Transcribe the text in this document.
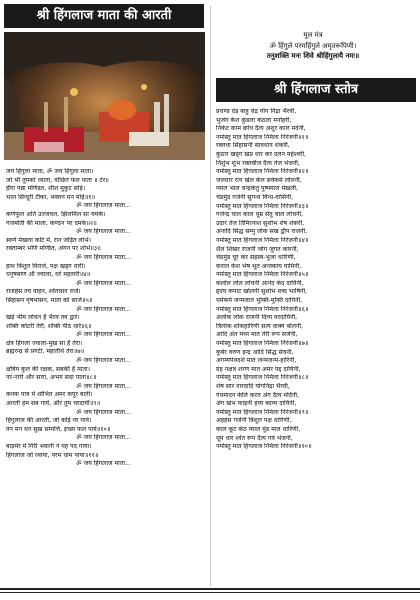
श्री हिंगलाज माता की आरती
मूल मंत्र
ॐ हिंगुले परमहिंगुले अमृतरूपिणी।
तनुशक्ति मनः शिवे श्रीहिंगुलायै नमः॥
श्री हिंगलाज स्तोत्र
जय हिंगुला माता, ॐ जय हिंगुला माता।
जो भी तुमको ध्याता, वांछित फल पाता ॥ टेर॥
हीरा पन्ना मणिडत, शीश मुकुट सोहे।
भाल सिन्दूरी टीका, भक्तन मन मोहे॥१॥
ॐ जय हिंगलाज माता...
कर्णफूल अति उज्जवल, झिलमिल सा चमके।
गजमोती की माला, कण्ठन पर दमके॥२॥
ॐ जय हिंगलाज माता...
स्वर्ण मेखला कटि में, रान जड़ित लोभे।
रक्ताम्बर भणि मण्डित, अंगन पर शोभे॥३॥
ॐ जय हिंगलाज माता...
हाथ त्रिशूल विराजे, पक्ष खड्ग धारी।
धनुषबाण औ ज्वाला, धरे महतारी॥४॥
ॐ जय हिंगलाज माता...
राजहंस तव वाहन, श्वेतासन राजे।
सिंहासन वृषभासन, माता को साजे॥५॥
ॐ जय हिंगलाज माता...
खड़े भीम लोचन हैं भैरव तव द्वारे।
शक्ति कोटरी तेरी, शक्ति पीठ धारे॥६॥
ॐ जय हिंगलाज माता...
क्षेत्र हिंगला ज्वाला-मुख सा है तेरा।
ब्रह्मरन्ध्र से प्रगटी, महातीर्थ तेरा॥७॥
ॐ जय हिंगलाज माता...
क्षत्रिय कुल की रक्षक, सबकी है माता।
नर-नारी और सारा, अभय सदा पाता॥८॥
ॐ जय हिंगलाज माता...
कनक पात्र में शोभित अमर कपूर बाती।
आरती हम सब गावें, और तुम चरदायी॥९॥
ॐ जय हिंगलाज माता...
हिंगुलाज की आरती, जो कोई नर गावे।
तन मन धन सुख सम्पत्ति, इच्छा फल पावे॥१०॥
ॐ जय हिंगलाज माता...
बाड़मेर में गिरी भवानी ने यह पद गाया।
हिंगलाज जो ध्याया, परम धाम पाया॥११॥
ॐ जय हिंगलाज माता...
प्रचण्ड दंड बाहु चंद्र योग निद्रा भैरवी,
भुजंग केश कुंडला कंठला मनोहरी,
निकंट काम क्रोध दैत्य अशुर काल मर्दनी,
नमोस्तु मात हिंगलाज निर्मला निरंजनी॥१॥
रक्तधा सिंहासनी सावधान शंकरी,
कुठार खड्ग खप्र धार कर दलन महेश्वरी,
निशुंभ शुंभ रक्तबीज दैत्य तेज भंजनी,
नमोस्तु मात हिंगलाज निर्मला निरंजनी॥२॥
जलधार रत्न खेल केल सर्वकर्म लोलनी,
व्याल भाल चन्द्रकेतु पुष्पमाल मेखली,
चंडमुंड गर्जनी सुगन्ध विन्ध-वासिनी,
नमोस्तु मात हिंगलाज निर्मला निरंजनी॥३॥
गजेन्द्र चाल काल धूम्र सेतु चाल लोचनी,
उदार तेज तिमिरनाश सुशोभ शेष शंकरी,
अनादि सिद्ध सम्पु लोक सख द्वीप राजनी,
नमोस्तु मात हिंगलाज निर्मला निरंजनी॥४॥
शैल शिखर राजनी जोग जुगत कारनी,
चंडमुंड चूर कर सहस्त्र-भुजा धारिणी,
कराल केश भेष भूत अन्तकाय यामिनी,
नमोस्तु मात हिंगलाज निर्मला निरंजनी॥५॥
कलोल लोल लोचनी आनंद कंद दायिनी,
हृदय कपाट खोलनी सुशोभ शब्द भाषिनी,
धर्मकर्म जन्मजात भुक्ति-मुक्ति दायिनी,
नमोस्तु मात हिंगलाज निर्मला निरंजनी॥६॥
अलोक लोक राजनी दिव्य वरदायिनी,
त्रिलोक शोकहारिणी सत्य वाक्य बोलनी,
आदि अंत मध्य मात तेरी रूप सर्जनी,
नमोस्तु मात हिंगलाज निर्मला निरंजनी॥७॥
कुबेर वरुण इन्द्र आदि सिद्ध संचनी,
अगम्यपंथदर्श मात जन्मजन्म-हारिनी,
ग्रह नक्षत्र शरण मात अमर पद्द दायिनी,
नमोस्तु मात हिंगलाज निर्मला निरंजनी॥८॥
शेष सार नारदादि योगनिद्रा भैरवी,
गंधमादन केलि करत अंग दैत्य मर्दिनी,
अंग खंभ फाड़नी हव्य काव्य दायिनी,
नमोस्तु मात हिंगलाज निर्मला निरंजनी॥९॥
अहहंस गर्जनी त्रिशूल पक्ष धारिणी,
काल कूट कंठ व्याल मुंड माल धारिणी,
धूम धार श्वेत रूप दैत्य गर्व भंजनी,
नमोस्तु मात हिंगलाज निर्मला निरंजनी॥१०॥
